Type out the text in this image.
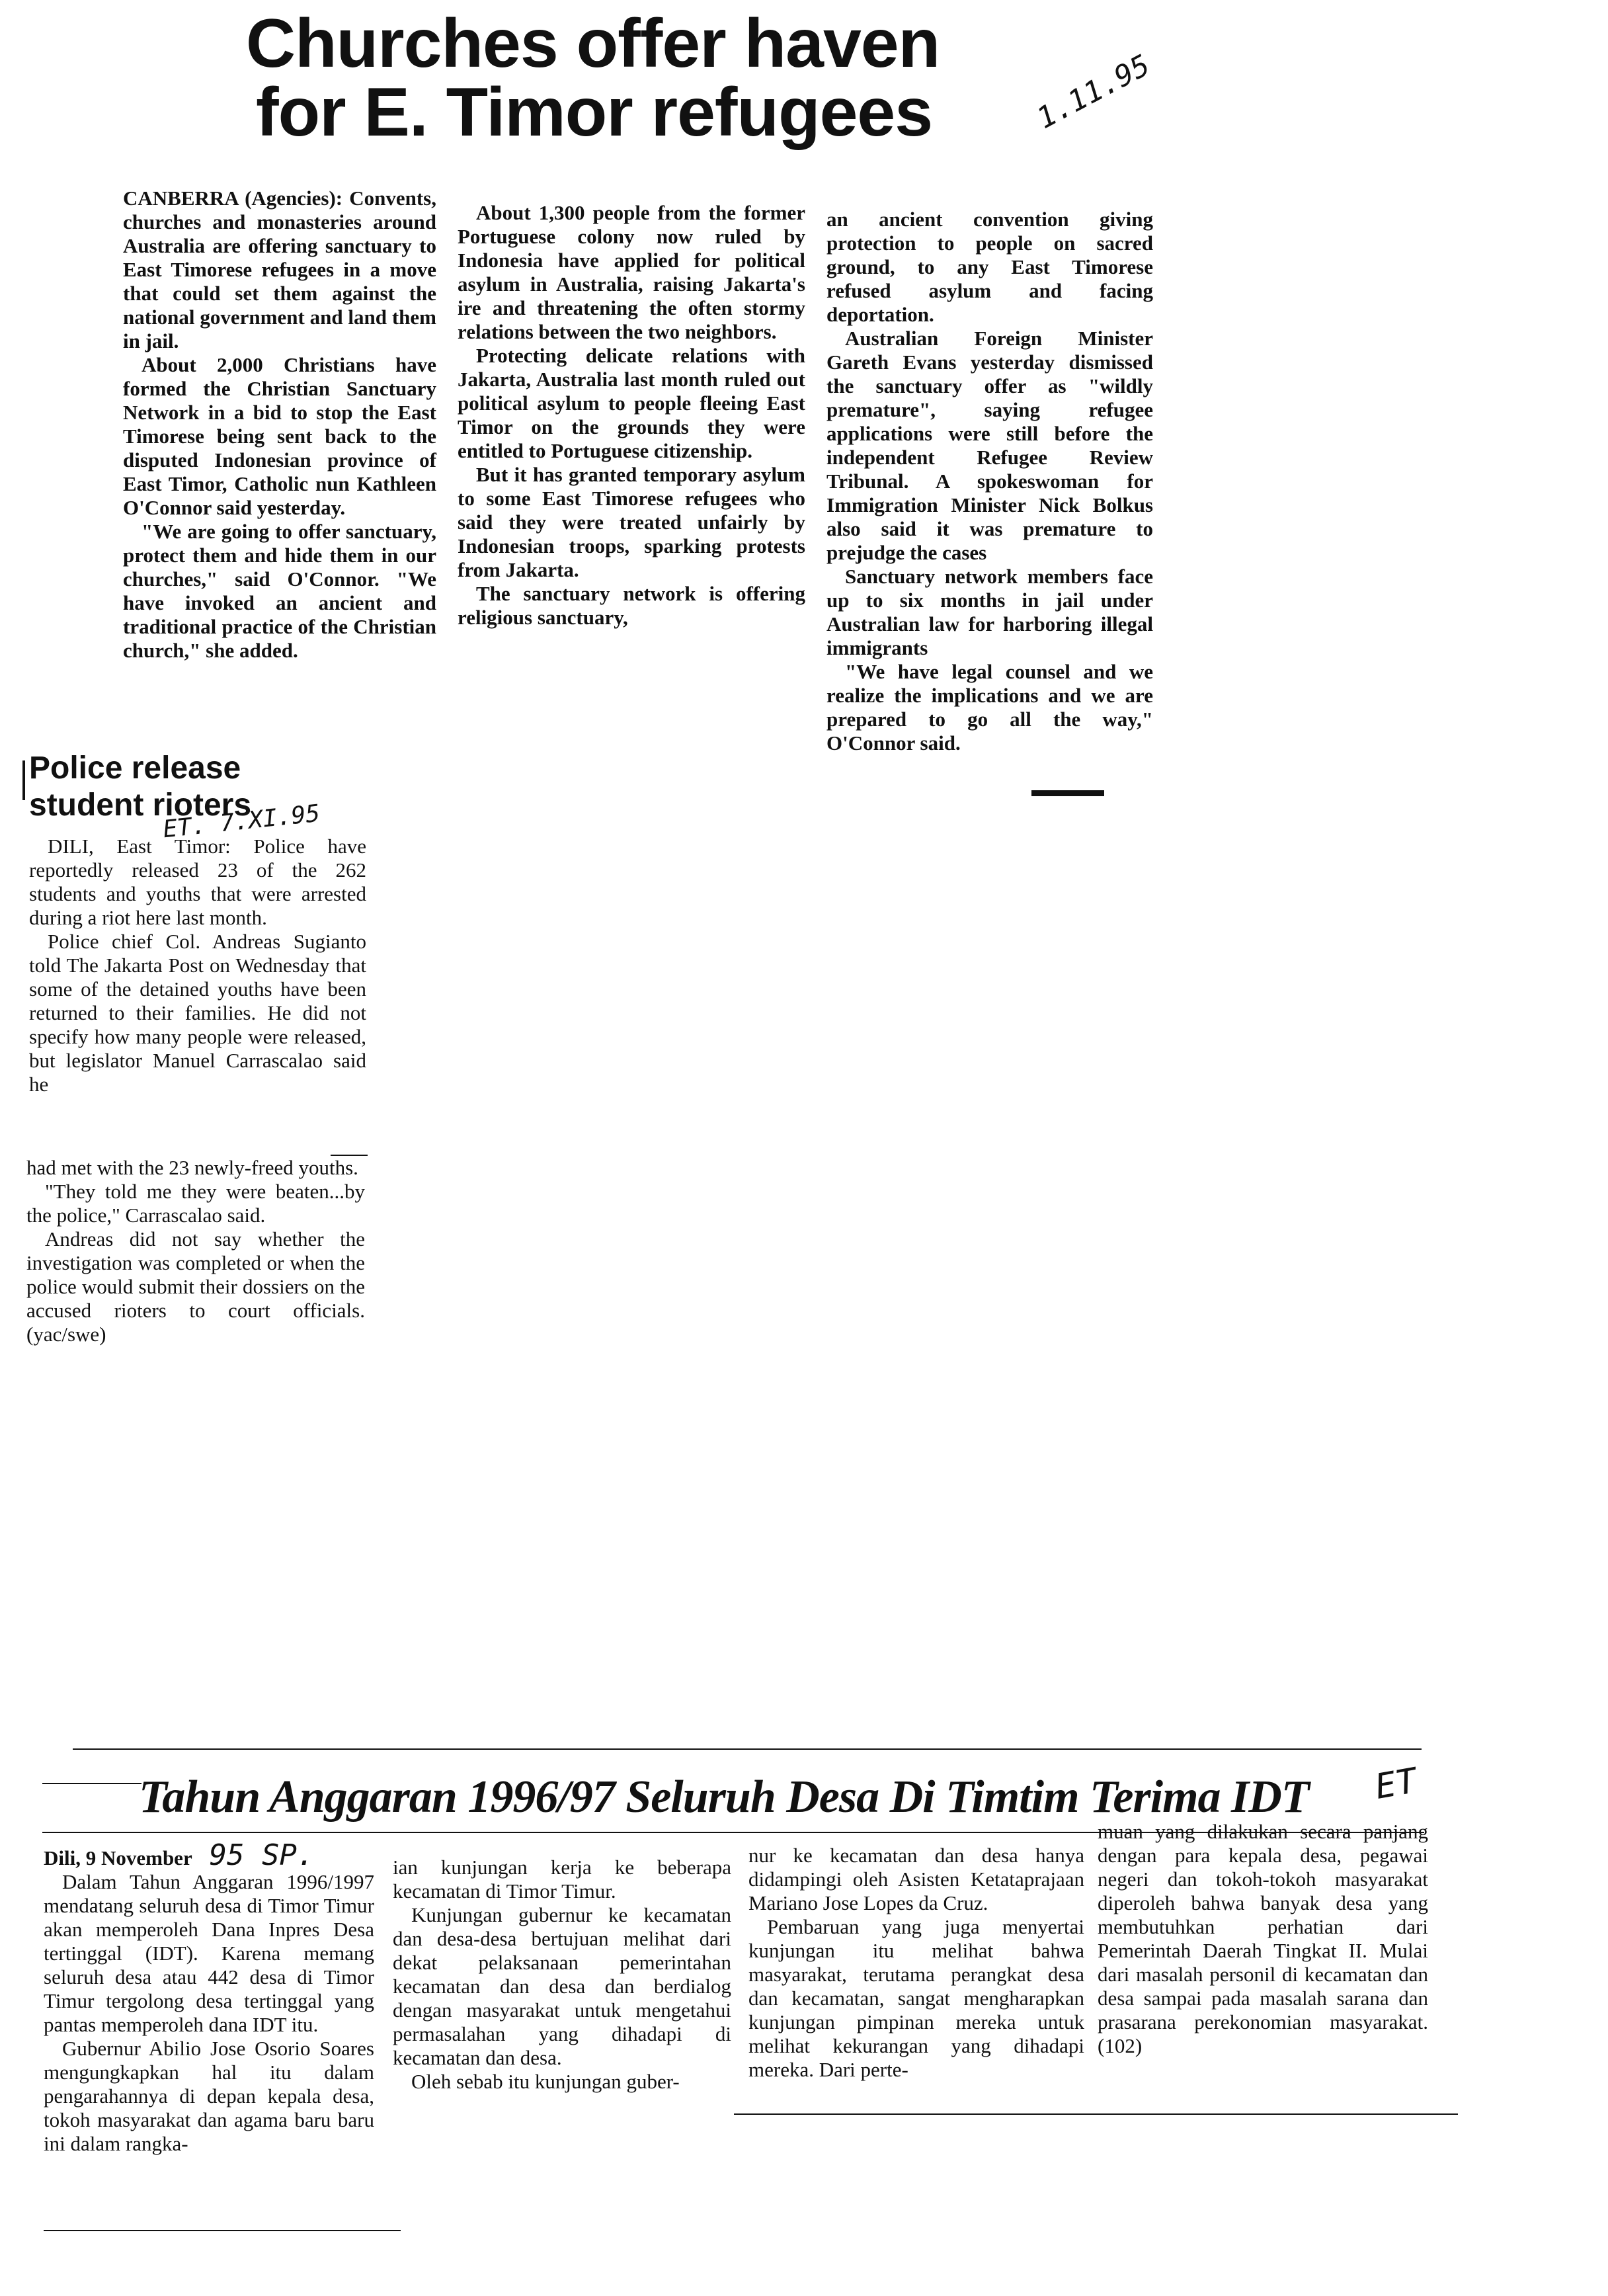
Churches offer haven
for E. Timor refugees	1.11.95

CANBERRA (Agencies): Convents, churches and monasteries around Australia are offering sanctuary to East Timorese refugees in a move that could set them against the national government and land them in jail.

About 2,000 Christians have formed the Christian Sanctuary Network in a bid to stop the East Timorese being sent back to the disputed Indonesian province of East Timor, Catholic nun Kathleen O'Connor said yesterday.

"We are going to offer sanctuary, protect them and hide them in our churches," said O'Connor. "We have invoked an ancient and traditional practice of the Christian church," she added.

About 1,300 people from the former Portuguese colony now ruled by Indonesia have applied for political asylum in Australia, raising Jakarta's ire and threatening the often stormy relations between the two neighbors.

Protecting delicate relations with Jakarta, Australia last month ruled out political asylum to people fleeing East Timor on the grounds they were entitled to Portuguese citizenship.

But it has granted temporary asylum to some East Timorese refugees who said they were treated unfairly by Indonesian troops, sparking protests from Jakarta.

The sanctuary network is offering religious sanctuary,

an ancient convention giving protection to people on sacred ground, to any East Timorese refused asylum and facing deportation.

Australian Foreign Minister Gareth Evans yesterday dismissed the sanctuary offer as "wildly premature", saying refugee applications were still before the independent Refugee Review Tribunal. A spokeswoman for Immigration Minister Nick Bolkus also said it was premature to prejudge the cases

Sanctuary network members face up to six months in jail under Australian law for harboring illegal immigrants

"We have legal counsel and we realize the implications and we are prepared to go all the way," O'Connor said.

Police release
student rioters
ET. 7.XI.95

DILI, East Timor: Police have reportedly released 23 of the 262 students and youths that were arrested during a riot here last month.

Police chief Col. Andreas Sugianto told The Jakarta Post on Wednesday that some of the detained youths have been returned to their families. He did not specify how many people were released, but legislator Manuel Carrascalao said he

had met with the 23 newly-freed youths.

"They told me they were beaten...by the police," Carrascalao said.

Andreas did not say whether the investigation was completed or when the police would submit their dossiers on the accused rioters to court officials. (yac/swe)

Tahun Anggaran 1996/97 Seluruh Desa Di Timtim Terima IDT ET
Dili, 9 November 95 SP.

Dalam Tahun Anggaran 1996/1997 mendatang seluruh desa di Timor Timur akan memperoleh Dana Inpres Desa tertinggal (IDT). Karena memang seluruh desa atau 442 desa di Timor Timur tergolong desa tertinggal yang pantas memperoleh dana IDT itu.

Gubernur Abilio Jose Osorio Soares mengungkapkan hal itu dalam pengarahannya di depan kepala desa, tokoh masyarakat dan agama baru baru ini dalam rangka-

ian kunjungan kerja ke beberapa kecamatan di Timor Timur.

Kunjungan gubernur ke kecamatan dan desa-desa bertujuan melihat dari dekat pelaksanaan pemerintahan kecamatan dan desa dan berdialog dengan masyarakat untuk mengetahui permasalahan yang dihadapi di kecamatan dan desa.

Oleh sebab itu kunjungan guber-

nur ke kecamatan dan desa hanya didampingi oleh Asisten Ketataprajaan Mariano Jose Lopes da Cruz.

Pembaruan yang juga menyertai kunjungan itu melihat bahwa masyarakat, terutama perangkat desa dan kecamatan, sangat mengharapkan kunjungan pimpinan mereka untuk melihat kekurangan yang dihadapi mereka. Dari perte-

muan yang dilakukan secara panjang dengan para kepala desa, pegawai negeri dan tokoh-tokoh masyarakat diperoleh bahwa banyak desa yang membutuhkan perhatian dari Pemerintah Daerah Tingkat II. Mulai dari masalah personil di kecamatan dan desa sampai pada masalah sarana dan prasarana perekonomian masyarakat.(102)
